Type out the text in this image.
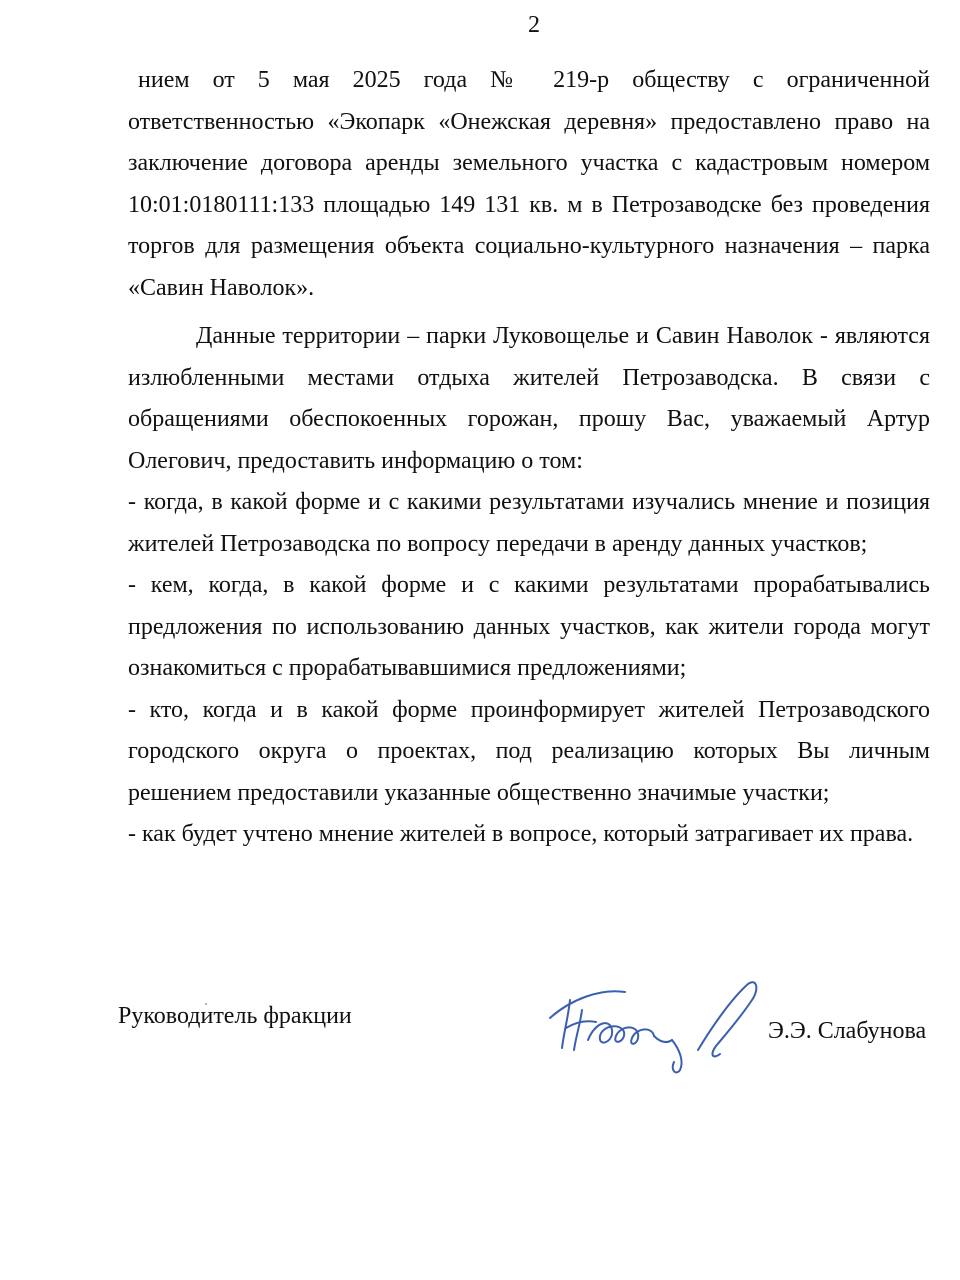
2

нием от 5 мая 2025 года № 219-р обществу с ограниченной ответственностью «Экопарк «Онежская деревня» предоставлено право на заключение договора аренды земельного участка с кадастровым номером 10:01:0180111:133 площадью 149 131 кв. м в Петрозаводске без проведения торгов для размещения объекта социально-культурного назначения – парка «Савин Наволок».

Данные территории – парки Луковощелье и Савин Наволок - являются излюбленными местами отдыха жителей Петрозаводска. В связи с обращениями обеспокоенных горожан, прошу Вас, уважаемый Артур Олегович, предоставить информацию о том:

- когда, в какой форме и с какими результатами изучались мнение и позиция жителей Петрозаводска по вопросу передачи в аренду данных участков;

- кем, когда, в какой форме и с какими результатами прорабатывались предложения по использованию данных участков, как жители города могут ознакомиться с прорабатывавшимися предложениями;

- кто, когда и в какой форме проинформирует жителей Петрозаводского городского округа о проектах, под реализацию которых Вы личным решением предоставили указанные общественно значимые участки;

- как будет учтено мнение жителей в вопросе, который затрагивает их права.

Руководитель фракции
Э.Э. Слабунова
